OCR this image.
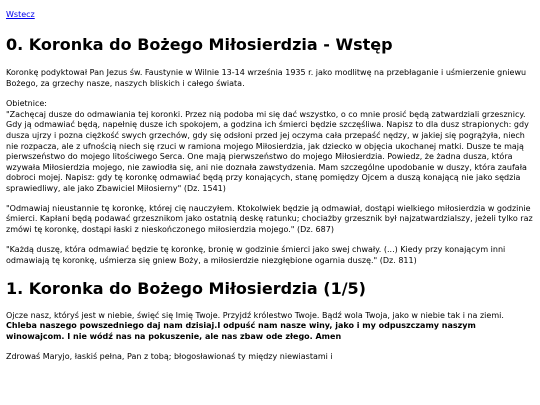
Wstecz
0. Koronka do Bożego Miłosierdzia - Wstęp

Koronkę podyktował Pan Jezus św. Faustynie w Wilnie 13-14 września 1935 r. jako modlitwę na przebłaganie i uśmierzenie gniewu Bożego, za grzechy nasze, naszych bliskich i całego świata.

Obietnice:
"Zachęcaj dusze do odmawiania tej koronki. Przez nią podoba mi się dać wszystko, o co mnie prosić będą zatwardziali grzesznicy. Gdy ją odmawiać będą, napełnię dusze ich spokojem, a godzina ich śmierci będzie szczęśliwa. Napisz to dla dusz strapionych: gdy dusza ujrzy i pozna ciężkość swych grzechów, gdy się odsłoni przed jej oczyma cała przepaść nędzy, w jakiej się pogrążyła, niech nie rozpacza, ale z ufnością niech się rzuci w ramiona mojego Miłosierdzia, jak dziecko w objęcia ukochanej matki. Dusze te mają pierwszeństwo do mojego litościwego Serca. One mają pierwszeństwo do mojego Miłosierdzia. Powiedz, że żadna dusza, która wzywała Miłosierdzia mojego, nie zawiodła się, ani nie doznała zawstydzenia. Mam szczególne upodobanie w duszy, która zaufała dobroci mojej. Napisz: gdy tę koronkę odmawiać będą przy konających, stanę pomiędzy Ojcem a duszą konającą nie jako sędzia sprawiedliwy, ale jako Zbawiciel Miłosierny" (Dz. 1541)

"Odmawiaj nieustannie tę koronkę, której cię nauczyłem. Ktokolwiek będzie ją odmawiał, dostąpi wielkiego miłosierdzia w godzinie śmierci. Kapłani będą podawać grzesznikom jako ostatnią deskę ratunku; chociażby grzesznik był najzatwardzialszy, jeżeli tylko raz zmówi tę koronkę, dostąpi łaski z nieskończonego miłosierdzia mojego." (Dz. 687)

"Każdą duszę, która odmawiać będzie tę koronkę, bronię w godzinie śmierci jako swej chwały. (...) Kiedy przy konającym inni odmawiają tę koronkę, uśmierza się gniew Boży, a miłosierdzie niezgłębione ogarnia duszę." (Dz. 811)

1. Koronka do Bożego Miłosierdzia (1/5)

Ojcze nasz, któryś jest w niebie, święć się Imię Twoje. Przyjdź królestwo Twoje. Bądź wola Twoja, jako w niebie tak i na ziemi. Chleba naszego powszedniego daj nam dzisiaj.I odpuść nam nasze winy, jako i my odpuszczamy naszym winowajcom. I nie wódź nas na pokuszenie, ale nas zbaw ode złego. Amen

Zdrowaś Maryjo, łaskiś pełna, Pan z tobą; błogosławionaś ty między niewiastami i
